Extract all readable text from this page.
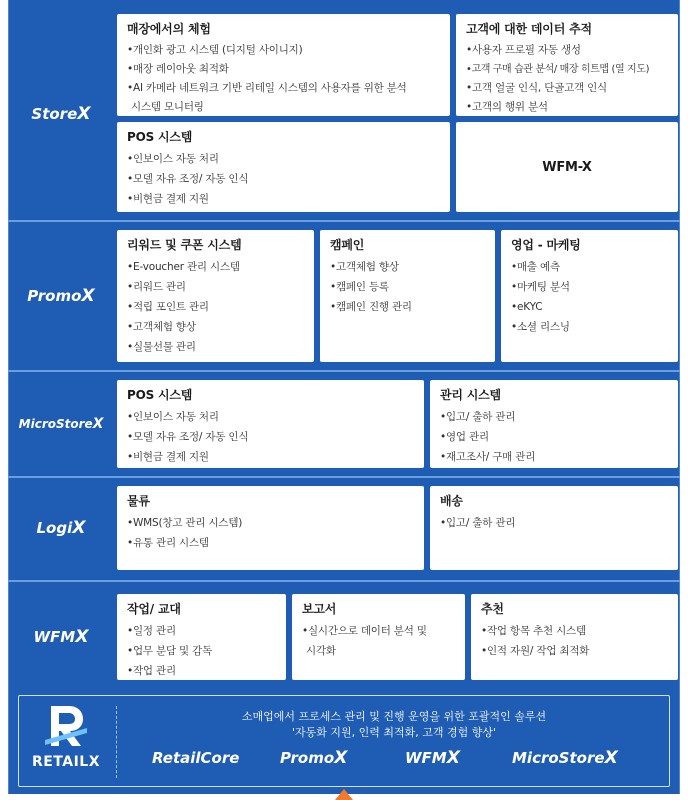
Store X
매장에서의 체험
•개인화 광고 시스템 (디지털 사이니지)
•매장 레이아웃 최적화
•AI 카메라 네트워크 기반 리테일 시스템의 사용자를 위한 분석
시스템 모니터링
고객에 대한 데이터 추적
•사용자 프로필 자동 생성
•고객 구매 습관 분석/ 매장 히트맵 (열 지도)
•고객 얼굴 인식, 단골고객 인식
•고객의 행위 분석
POS 시스템
•인보이스 자동 처리
•모델 자유 조정/ 자동 인식
•비현금 결제 지원
WFM-X
Promo X
리워드 및 쿠폰 시스템
•E-voucher 관리 시스템
•리워드 관리
•적립 포인트 관리
•고객체험 향상
•실물선물 관리
캠페인
•고객체험 향상
•캠페인 등록
•캠페인 진행 관리
영업 - 마케팅
•매출 예측
•마케팅 분석
•eKYC
•소셜 리스닝
MicroStore X
POS 시스템
•인보이스 자동 처리
•모델 자유 조정/ 자동 인식
•비현금 결제 지원
관리 시스템
•입고/ 출하 관리
•영업 관리
•재고조사/ 구매 관리
Logi X
물류
•WMS(창고 관리 시스템)
•유통 관리 시스템
배송
•입고/ 출하 관리
WFM X
작업/ 교대
•일정 관리
•업무 분담 및 감독
•작업 관리
보고서
•실시간으로 데이터 분석 및
시각화
추천
•작업 항목 추천 시스템
•인적 자원/ 작업 최적화
RETAILX
소매업에서 프로세스 관리 및 진행 운영을 위한 포괄적인 솔루션
'자동화 지원, 인력 최적화, 고객 경험 향상'
RetailCore	PromoX	WFMX	MicroStoreX
